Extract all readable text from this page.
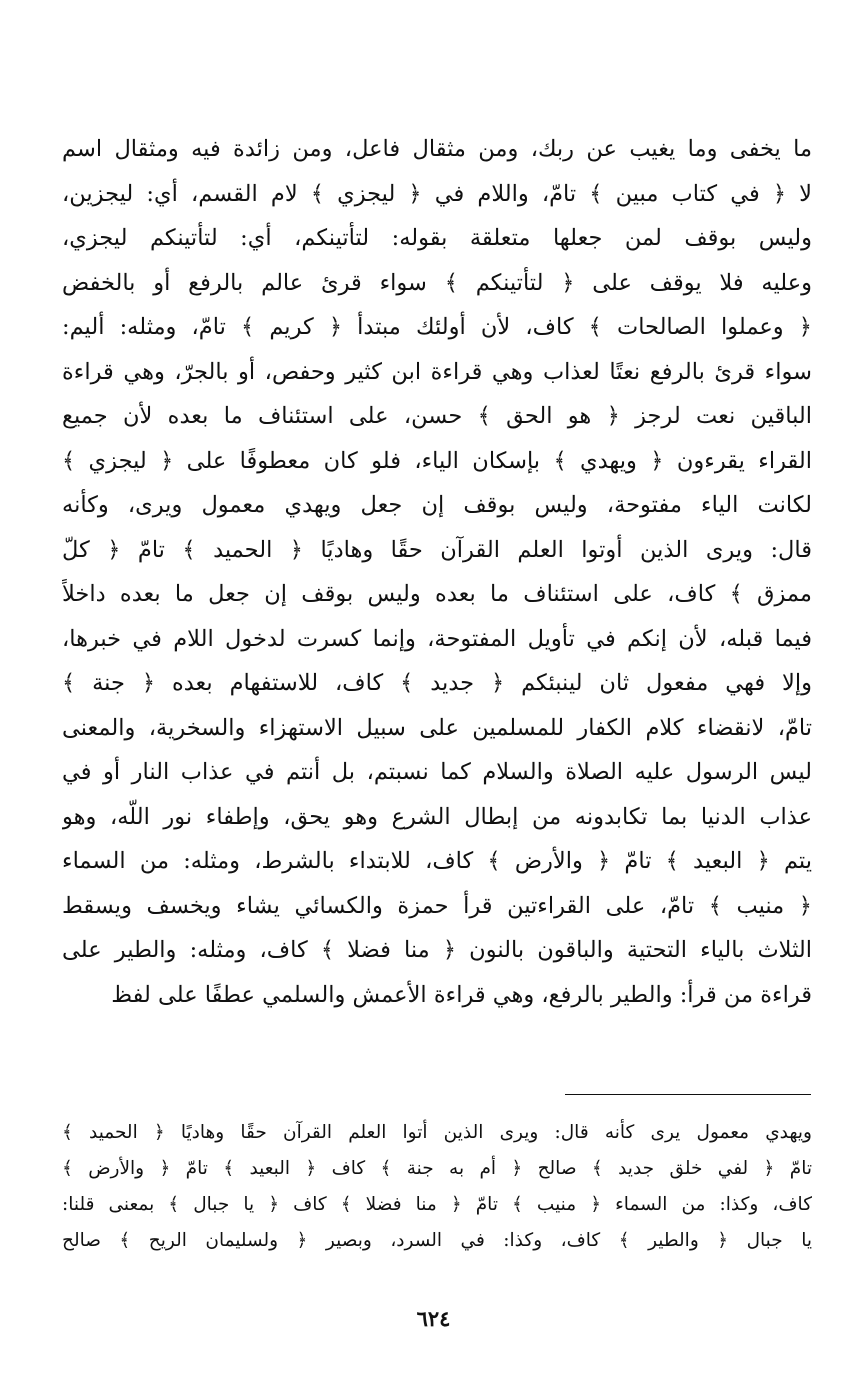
ما يخفى وما يغيب عن ربك، ومن مثقال فاعل، ومن زائدة فيه ومثقال اسم
لا ﴿ في كتاب مبين ﴾ تامّ، واللام في ﴿ ليجزي ﴾ لام القسم، أي: ليجزين،
وليس بوقف لمن جعلها متعلقة بقوله: لتأتينكم، أي: لتأتينكم ليجزي،
وعليه فلا يوقف على ﴿ لتأتينكم ﴾ سواء قرئ عالم بالرفع أو بالخفض
﴿ وعملوا الصالحات ﴾ كاف، لأن أولئك مبتدأ ﴿ كريم ﴾ تامّ، ومثله: أليم:
سواء قرئ بالرفع نعتًا لعذاب وهي قراءة ابن كثير وحفص، أو بالجرّ، وهي قراءة
الباقين نعت لرجز ﴿ هو الحق ﴾ حسن، على استئناف ما بعده لأن جميع
القراء يقرءون ﴿ ويهدي ﴾ بإسكان الياء، فلو كان معطوفًا على ﴿ ليجزي ﴾
لكانت الياء مفتوحة، وليس بوقف إن جعل ويهدي معمول ويرى، وكأنه
قال: ويرى الذين أوتوا العلم القرآن حقًا وهاديًا ﴿ الحميد ﴾ تامّ ﴿ كلّ
ممزق ﴾ كاف، على استئناف ما بعده وليس بوقف إن جعل ما بعده داخلاً
فيما قبله، لأن إنكم في تأويل المفتوحة، وإنما كسرت لدخول اللام في خبرها،
وإلا فهي مفعول ثان لينبئكم ﴿ جديد ﴾ كاف، للاستفهام بعده ﴿ جنة ﴾
تامّ، لانقضاء كلام الكفار للمسلمين على سبيل الاستهزاء والسخرية، والمعنى
ليس الرسول عليه الصلاة والسلام كما نسبتم، بل أنتم في عذاب النار أو في
عذاب الدنيا بما تكابدونه من إبطال الشرع وهو يحق، وإطفاء نور اللّه، وهو
يتم ﴿ البعيد ﴾ تامّ ﴿ والأرض ﴾ كاف، للابتداء بالشرط، ومثله: من السماء
﴿ منيب ﴾ تامّ، على القراءتين قرأ حمزة والكسائي يشاء ويخسف ويسقط
الثلاث بالياء التحتية والباقون بالنون ﴿ منا فضلا ﴾ كاف، ومثله: والطير على
قراءة من قرأ: والطير بالرفع، وهي قراءة الأعمش والسلمي عطفًا على لفظ
ويهدي معمول يرى كأنه قال: ويرى الذين أتوا العلم القرآن حقًا وهاديًا ﴿ الحميد ﴾
تامّ ﴿ لفي خلق جديد ﴾ صالح ﴿ أم به جنة ﴾ كاف ﴿ البعيد ﴾ تامّ ﴿ والأرض ﴾
كاف، وكذا: من السماء ﴿ منيب ﴾ تامّ ﴿ منا فضلا ﴾ كاف ﴿ يا جبال ﴾ بمعنى قلنا:
يا جبال ﴿ والطير ﴾ كاف، وكذا: في السرد، وبصير ﴿ ولسليمان الريح ﴾ صالح
٦٢٤
